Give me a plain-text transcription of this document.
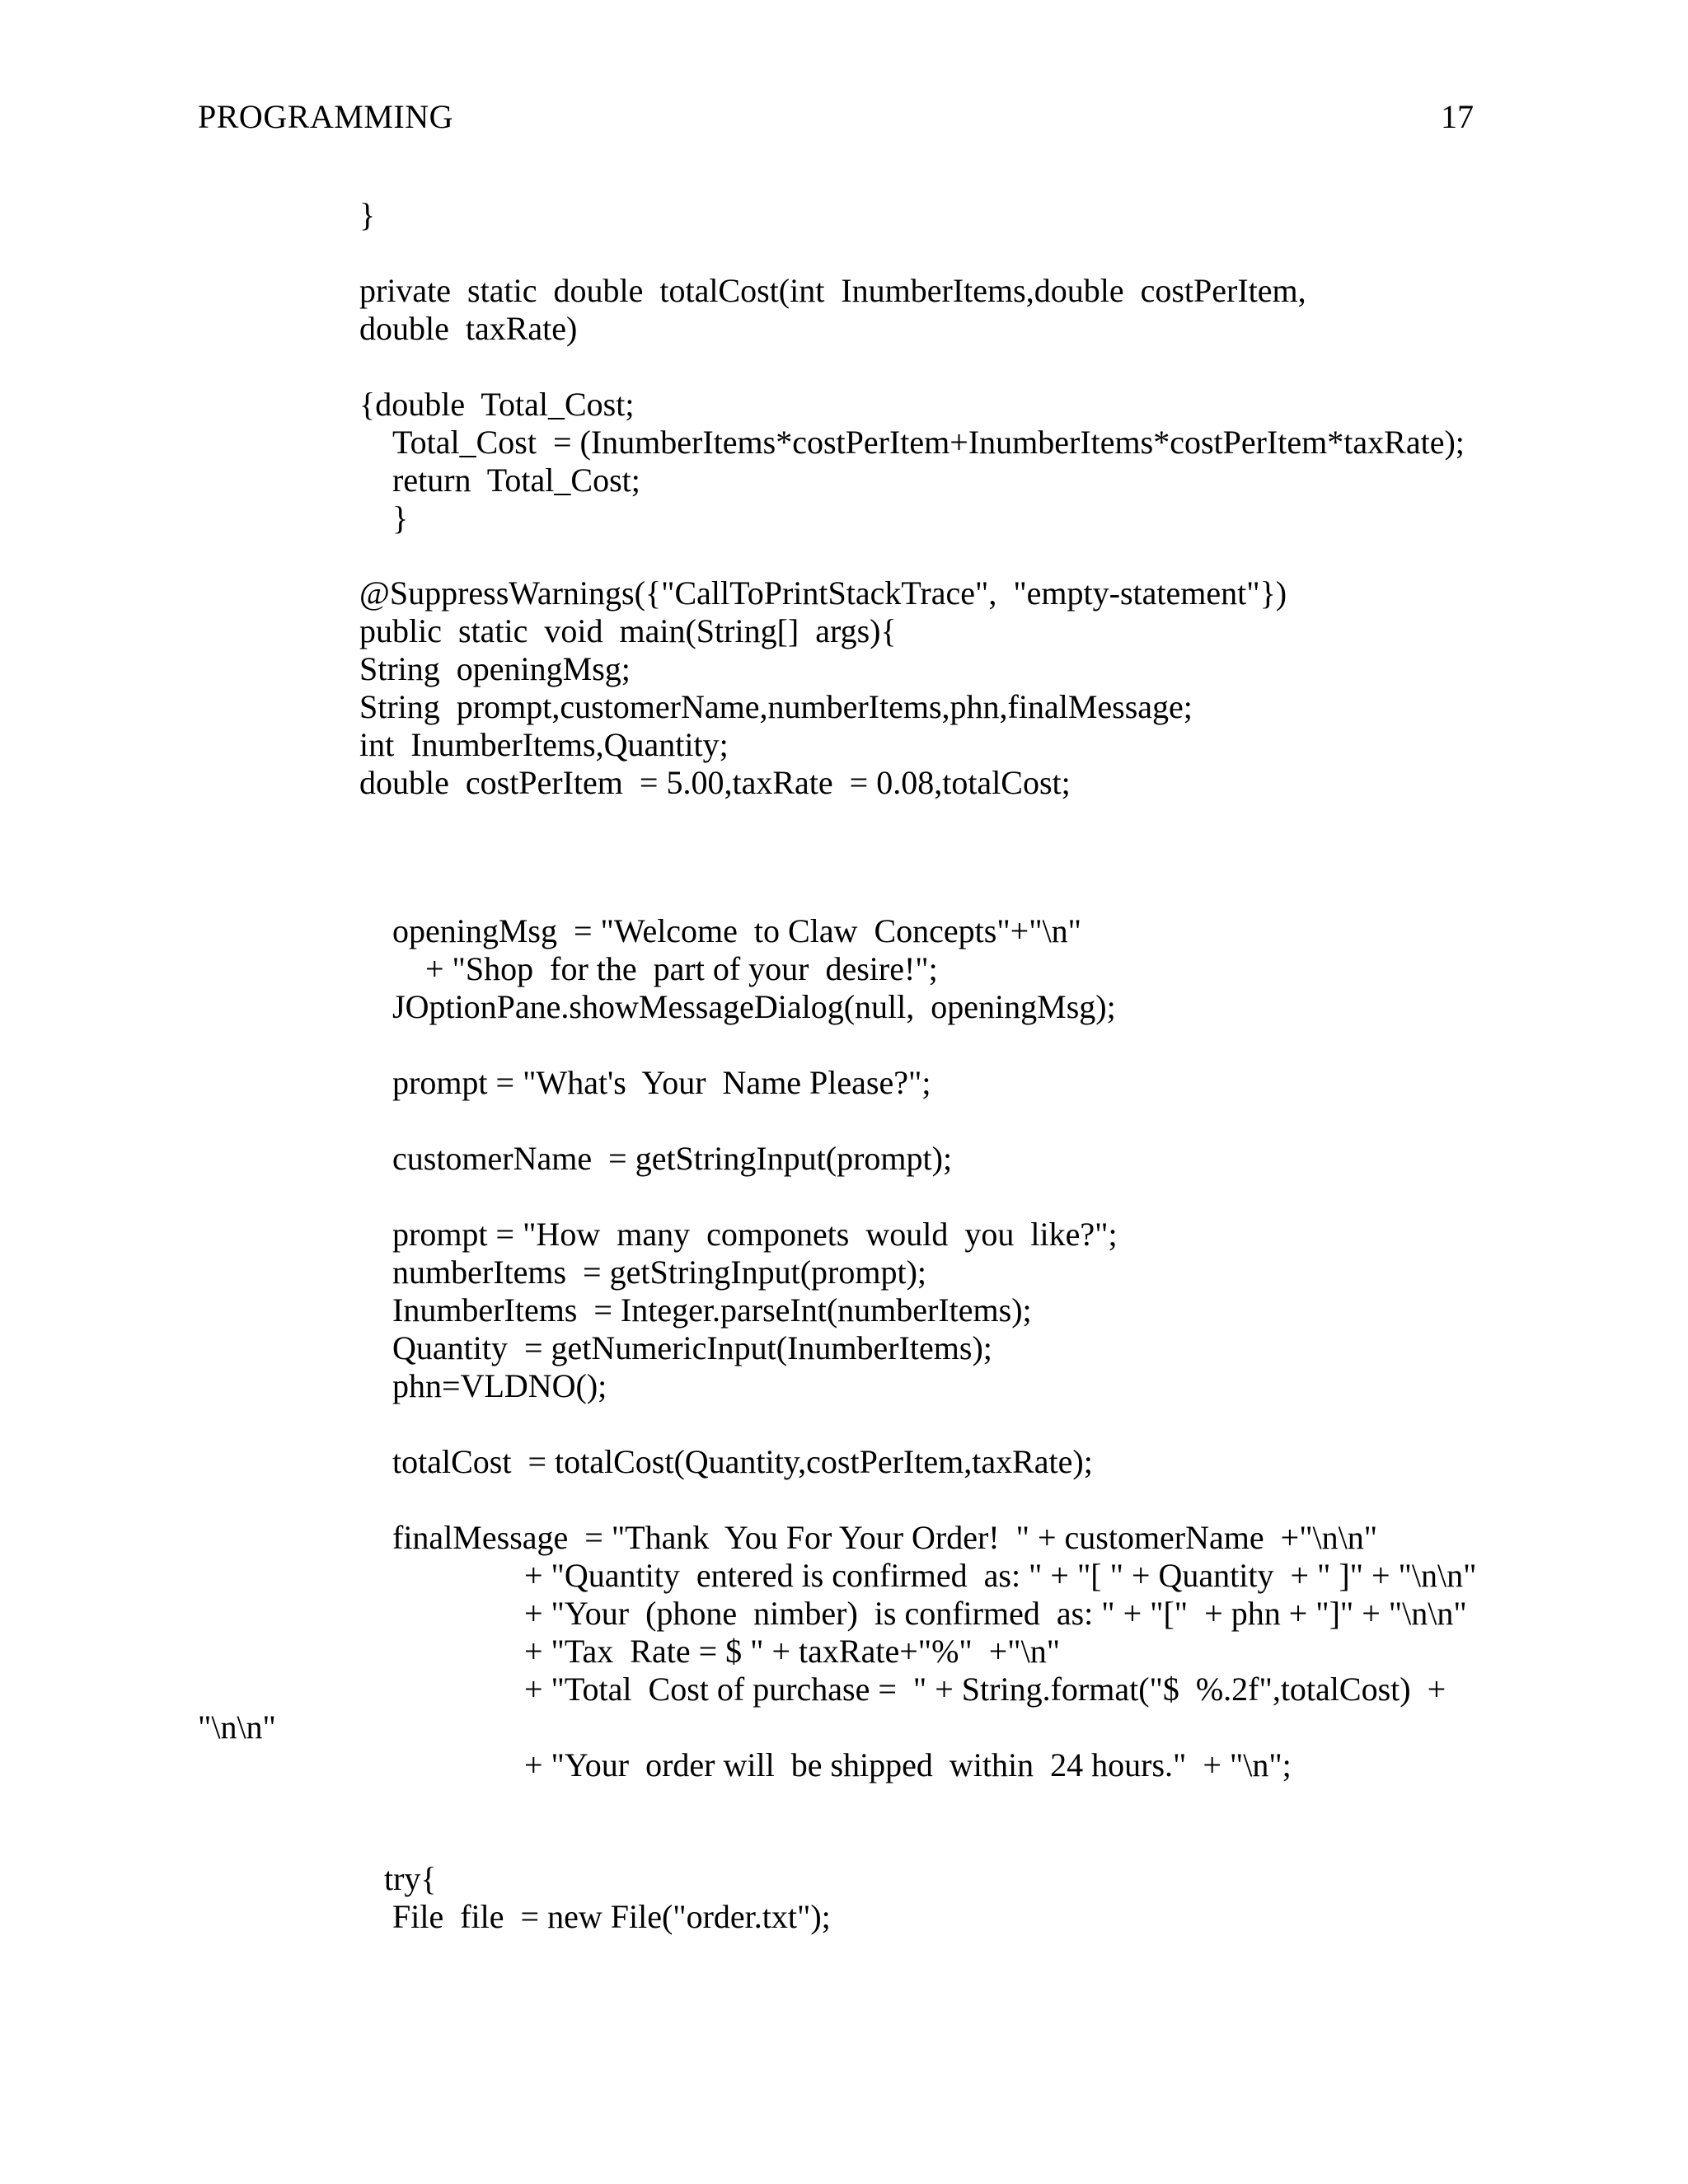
PROGRAMMING	17
}
private  static  double  totalCost(int  InumberItems,double  costPerItem,
double  taxRate)
{double  Total_Cost;
Total_Cost  = (InumberItems*costPerItem+InumberItems*costPerItem*taxRate);
return  Total_Cost;
}
@SuppressWarnings({"CallToPrintStackTrace",  "empty-statement"})
public  static  void  main(String[]  args){
String  openingMsg;
String  prompt,customerName,numberItems,phn,finalMessage;
int  InumberItems,Quantity;
double  costPerItem  = 5.00,taxRate  = 0.08,totalCost;
openingMsg  = "Welcome  to Claw  Concepts"+"\n"
+ "Shop  for the  part of your  desire!";
JOptionPane.showMessageDialog(null,  openingMsg);
prompt = "What's  Your  Name Please?";
customerName  = getStringInput(prompt);
prompt = "How  many  componets  would  you  like?";
numberItems  = getStringInput(prompt);
InumberItems  = Integer.parseInt(numberItems);
Quantity  = getNumericInput(InumberItems);
phn=VLDNO();
totalCost  = totalCost(Quantity,costPerItem,taxRate);
finalMessage  = "Thank  You For Your Order!  " + customerName  +"\n\n"
+ "Quantity  entered is confirmed  as: " + "[ " + Quantity  + " ]" + "\n\n"
+ "Your  (phone  nimber)  is confirmed  as: " + "["  + phn + "]" + "\n\n"
+ "Tax  Rate = $ " + taxRate+"%"  +"\n"
+ "Total  Cost of purchase =  " + String.format("$  %.2f",totalCost)  +
"\n\n"
+ "Your  order will  be shipped  within  24 hours."  + "\n";
try{
File  file  = new File("order.txt");
